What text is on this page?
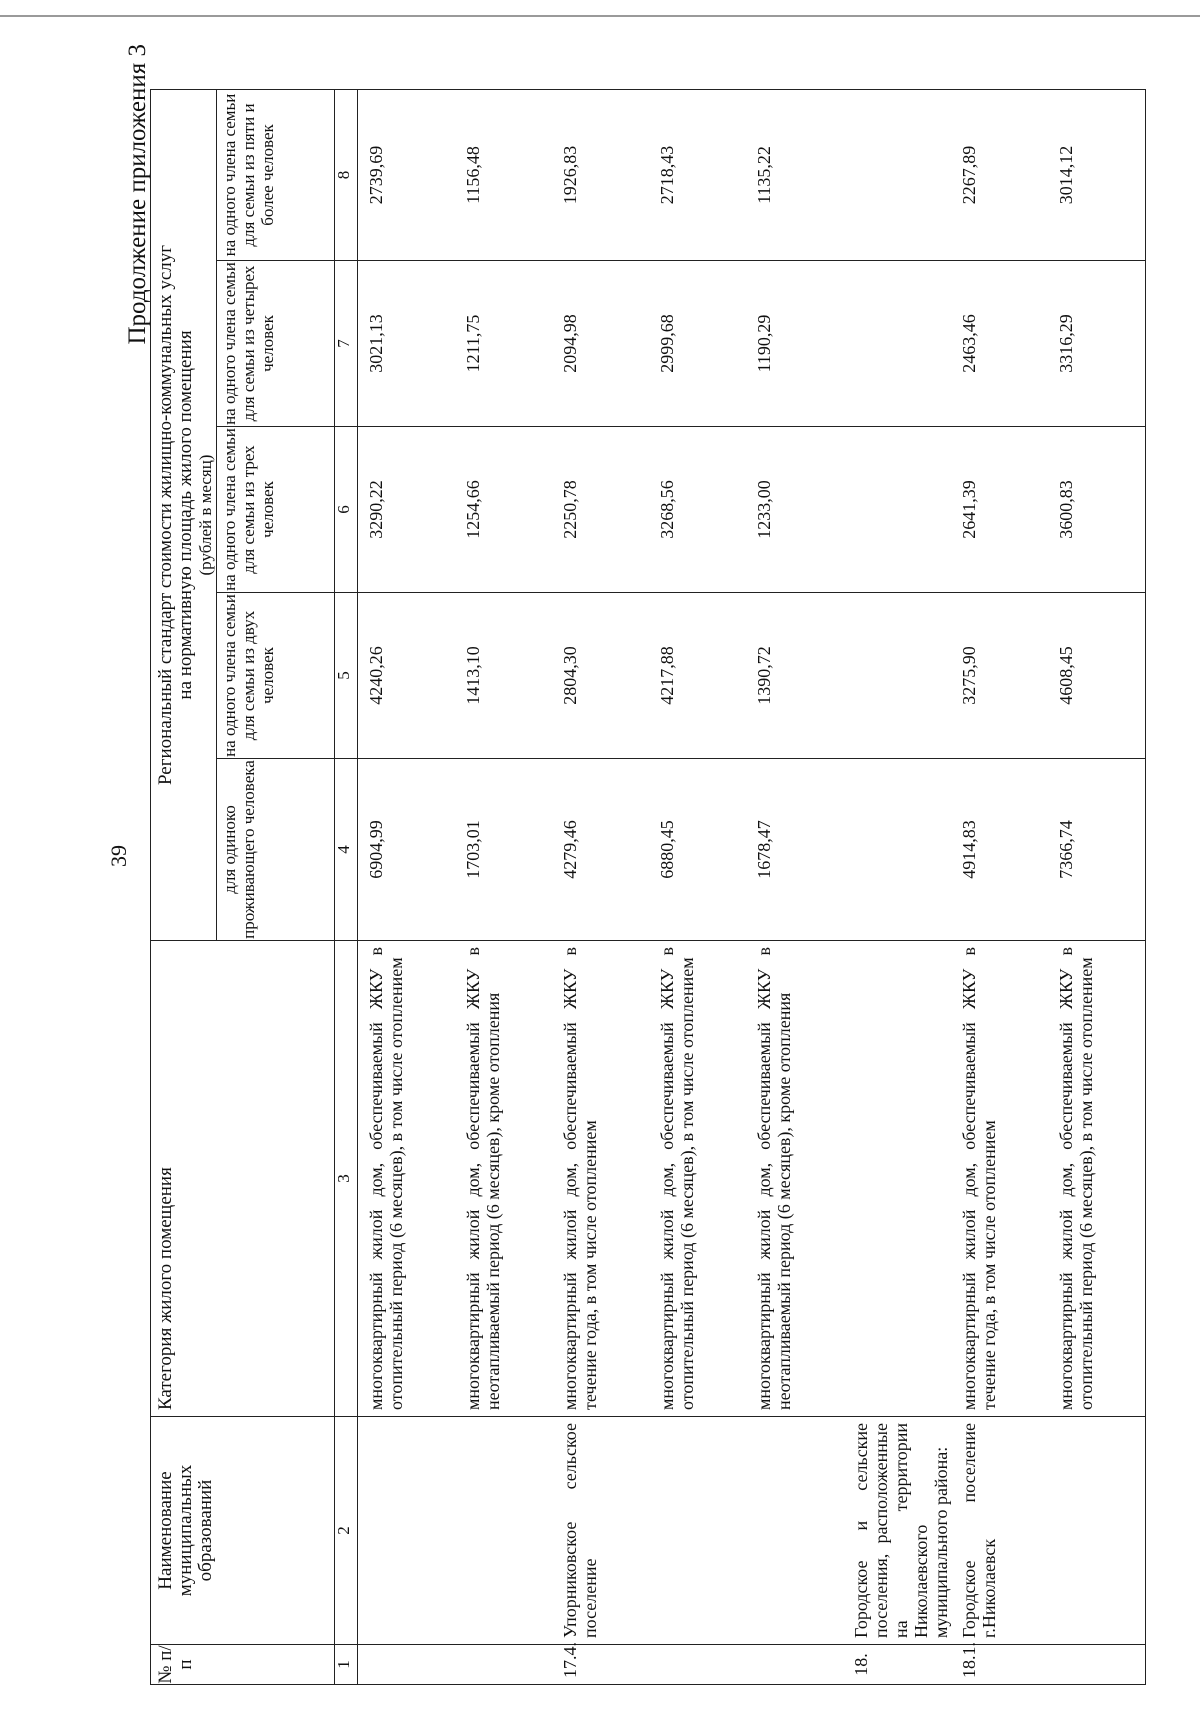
39
Продолжение приложения 3
№ п/п	Наименование муниципальных образований	Категория жилого помещения	Региональный стандарт стоимости жилищно-коммунальных услуг на нормативную площадь жилого помещения (рублей в месяц)				

			для одиноко проживающего человека	на одного члена семьи для семьи из двух человек	на одного члена семьи для семьи из трех человек	на одного члена семьи для семьи из четырех человек	на одного члена семьи для семьи из пяти и более человек
1	2	3	4	5	6	7	8
		многоквартирный жилой дом, обеспечиваемый ЖКУ в отопительный период (6 месяцев), в том числе отоплением	6904,99	4240,26	3290,22	3021,13	2739,69
		многоквартирный жилой дом, обеспечиваемый ЖКУ в неотапливаемый период (6 месяцев), кроме отопления	1703,01	1413,10	1254,66	1211,75	1156,48
17.4.	Упорниковское сельское поселение	многоквартирный жилой дом, обеспечиваемый ЖКУ в течение года, в том числе отоплением	4279,46	2804,30	2250,78	2094,98	1926,83
		многоквартирный жилой дом, обеспечиваемый ЖКУ в отопительный период (6 месяцев), в том числе отоплением	6880,45	4217,88	3268,56	2999,68	2718,43
		многоквартирный жилой дом, обеспечиваемый ЖКУ в неотапливаемый период (6 месяцев), кроме отопления	1678,47	1390,72	1233,00	1190,29	1135,22
18.	Городское и сельские поселения, расположенные на территории Николаевского муниципального района:						
18.1.	Городское поселение г.Николаевск	многоквартирный жилой дом, обеспечиваемый ЖКУ в течение года, в том числе отоплением	4914,83	3275,90	2641,39	2463,46	2267,89
		многоквартирный жилой дом, обеспечиваемый ЖКУ в отопительный период (6 месяцев), в том числе отоплением	7366,74	4608,45	3600,83	3316,29	3014,12
